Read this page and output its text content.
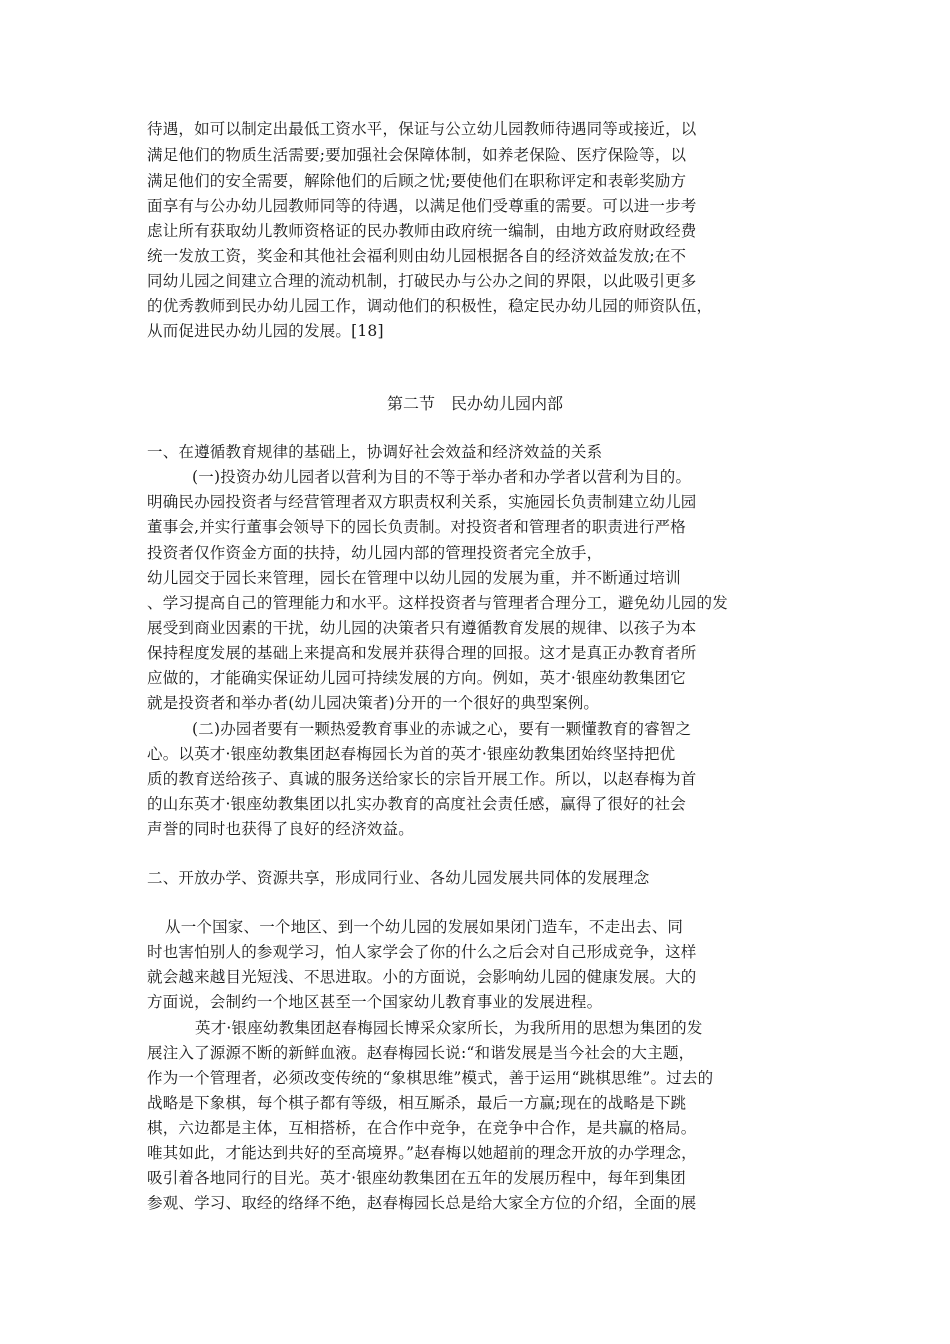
待遇，如可以制定出最低工资水平，保证与公立幼儿园教师待遇同等或接近，以
满足他们的物质生活需要;要加强社会保障体制，如养老保险、医疗保险等，以
满足他们的安全需要，解除他们的后顾之忧;要使他们在职称评定和表彰奖励方
面享有与公办幼儿园教师同等的待遇，以满足他们受尊重的需要。可以进一步考
虑让所有获取幼儿教师资格证的民办教师由政府统一编制，由地方政府财政经费
统一发放工资，奖金和其他社会福利则由幼儿园根据各自的经济效益发放;在不
同幼儿园之间建立合理的流动机制，打破民办与公办之间的界限，以此吸引更多
的优秀教师到民办幼儿园工作，调动他们的积极性，稳定民办幼儿园的师资队伍，
从而促进民办幼儿园的发展。[18]
第二节　民办幼儿园内部
一、在遵循教育规律的基础上，协调好社会效益和经济效益的关系
(一)投资办幼儿园者以营利为目的不等于举办者和办学者以营利为目的。
明确民办园投资者与经营管理者双方职责权利关系，实施园长负责制建立幼儿园
董事会,并实行董事会领导下的园长负责制。对投资者和管理者的职责进行严格
投资者仅作资金方面的扶持，幼儿园内部的管理投资者完全放手，
幼儿园交于园长来管理，园长在管理中以幼儿园的发展为重，并不断通过培训
、学习提高自己的管理能力和水平。这样投资者与管理者合理分工，避免幼儿园的发
展受到商业因素的干扰，幼儿园的决策者只有遵循教育发展的规律、以孩子为本
保持程度发展的基础上来提高和发展并获得合理的回报。这才是真正办教育者所
应做的，才能确实保证幼儿园可持续发展的方向。例如，英才·银座幼教集团它
就是投资者和举办者(幼儿园决策者)分开的一个很好的典型案例。
(二)办园者要有一颗热爱教育事业的赤诚之心，要有一颗懂教育的睿智之
心。以英才·银座幼教集团赵春梅园长为首的英才·银座幼教集团始终坚持把优
质的教育送给孩子、真诚的服务送给家长的宗旨开展工作。所以，以赵春梅为首
的山东英才·银座幼教集团以扎实办教育的高度社会责任感，赢得了很好的社会
声誉的同时也获得了良好的经济效益。
二、开放办学、资源共享，形成同行业、各幼儿园发展共同体的发展理念
从一个国家、一个地区、到一个幼儿园的发展如果闭门造车，不走出去、同
时也害怕别人的参观学习，怕人家学会了你的什么之后会对自己形成竞争，这样
就会越来越目光短浅、不思进取。小的方面说，会影响幼儿园的健康发展。大的
方面说，会制约一个地区甚至一个国家幼儿教育事业的发展进程。
英才·银座幼教集团赵春梅园长博采众家所长，为我所用的思想为集团的发
展注入了源源不断的新鲜血液。赵春梅园长说:“和谐发展是当今社会的大主题，
作为一个管理者，必须改变传统的“象棋思维”模式，善于运用“跳棋思维”。过去的
战略是下象棋，每个棋子都有等级，相互厮杀，最后一方赢;现在的战略是下跳
棋，六边都是主体，互相搭桥，在合作中竞争，在竞争中合作，是共赢的格局。
唯其如此，才能达到共好的至高境界。”赵春梅以她超前的理念开放的办学理念，
吸引着各地同行的目光。英才·银座幼教集团在五年的发展历程中，每年到集团
参观、学习、取经的络绎不绝，赵春梅园长总是给大家全方位的介绍，全面的展
